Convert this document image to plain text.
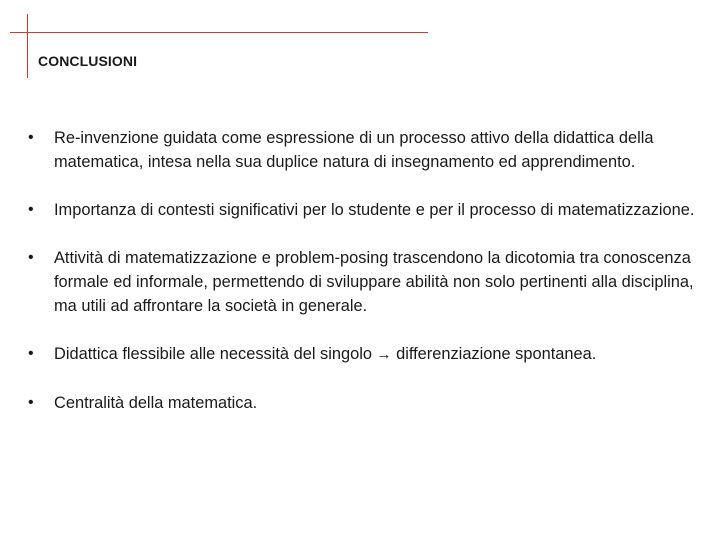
CONCLUSIONI
•	Re-invenzione guidata come espressione di un processo attivo della didattica della matematica, intesa nella sua duplice natura di insegnamento ed apprendimento.
•	Importanza di contesti significativi per lo studente e per il processo di matematizzazione.
•	Attività di matematizzazione e problem-posing trascendono la dicotomia tra conoscenza formale ed informale, permettendo di sviluppare abilità non solo pertinenti alla disciplina, ma utili ad affrontare la società in generale.
•	Didattica flessibile alle necessità del singolo → differenziazione spontanea.
•	Centralità della matematica.
